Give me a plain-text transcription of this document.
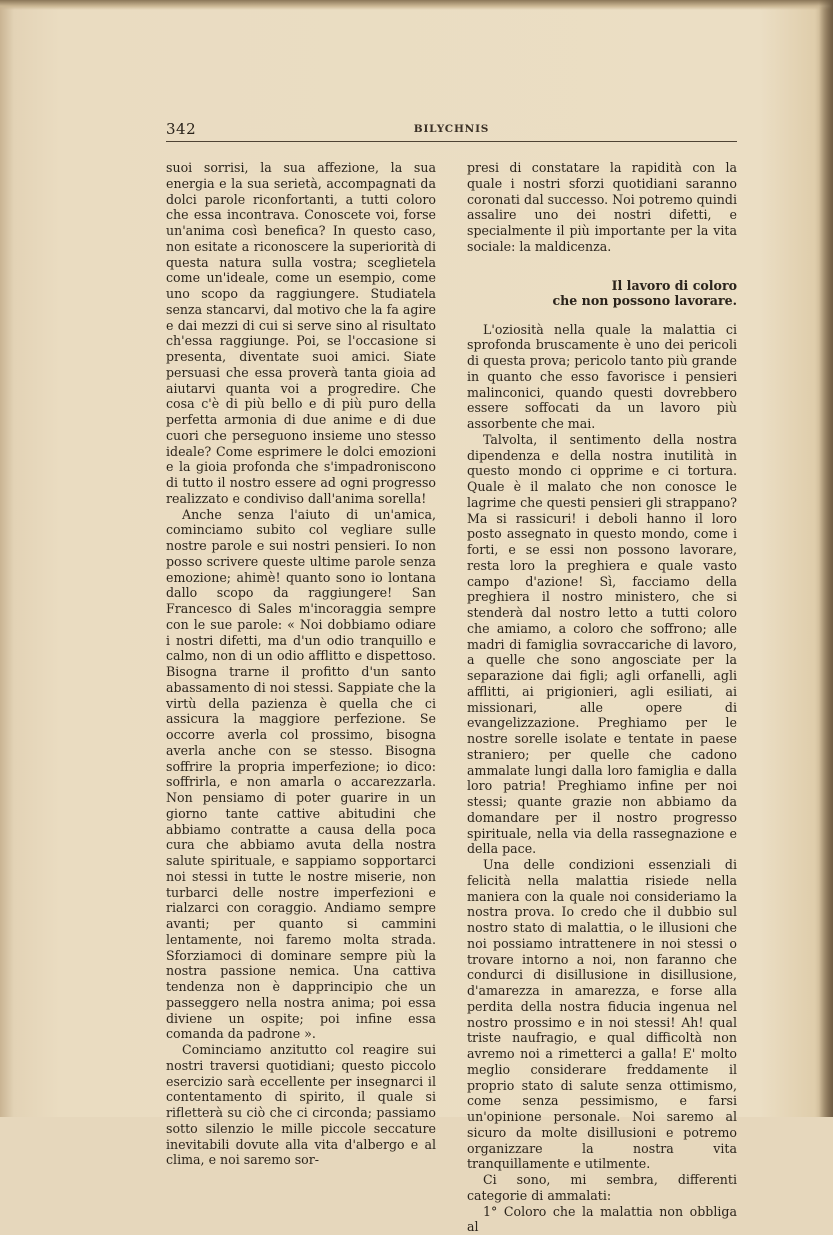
342	BILYCHNIS

suoi sorrisi, la sua affezione, la sua energia e la sua serietà, accompagnati da dolci parole riconfortanti, a tutti coloro che essa incontrava. Conoscete voi, forse un'anima così benefica? In questo caso, non esitate a riconoscere la superiorità di questa natura sulla vostra; sceglietela come un'ideale, come un esempio, come uno scopo da raggiungere. Studiatela senza stancarvi, dal motivo che la fa agire e dai mezzi di cui si serve sino al risultato ch'essa raggiunge. Poi, se l'occasione si presenta, diventate suoi amici. Siate persuasi che essa proverà tanta gioia ad aiutarvi quanta voi a progredire. Che cosa c'è di più bello e di più puro della perfetta armonia di due anime e di due cuori che perseguono insieme uno stesso ideale? Come esprimere le dolci emozioni e la gioia profonda che s'impadroniscono di tutto il nostro essere ad ogni progresso realizzato e condiviso dall'anima sorella!

Anche senza l'aiuto di un'amica, cominciamo subito col vegliare sulle nostre parole e sui nostri pensieri. Io non posso scrivere queste ultime parole senza emozione; ahimè! quanto sono io lontana dallo scopo da raggiungere! San Francesco di Sales m'incoraggia sempre con le sue parole: « Noi dobbiamo odiare i nostri difetti, ma d'un odio tranquillo e calmo, non di un odio afflitto e dispettoso. Bisogna trarne il profitto d'un santo abassamento di noi stessi. Sappiate che la virtù della pazienza è quella che ci assicura la maggiore perfezione. Se occorre averla col prossimo, bisogna averla anche con se stesso. Bisogna soffrire la propria imperfezione; io dico: soffrirla, e non amarla o accarezzarla. Non pensiamo di poter guarire in un giorno tante cattive abitudini che abbiamo contratte a causa della poca cura che abbiamo avuta della nostra salute spirituale, e sappiamo sopportarci noi stessi in tutte le nostre miserie, non turbarci delle nostre imperfezioni e rialzarci con coraggio. Andiamo sempre avanti; per quanto si cammini lentamente, noi faremo molta strada. Sforziamoci di dominare sempre più la nostra passione nemica. Una cattiva tendenza non è dapprincipio che un passeggero nella nostra anima; poi essa diviene un ospite; poi infine essa comanda da padrone ».

Cominciamo anzitutto col reagire sui nostri traversi quotidiani; questo piccolo esercizio sarà eccellente per insegnarci il contentamento di spirito, il quale si rifletterà su ciò che ci circonda; passiamo sotto silenzio le mille piccole seccature inevitabili dovute alla vita d'albergo e al clima, e noi saremo sor-

presi di constatare la rapidità con la quale i nostri sforzi quotidiani saranno coronati dal successo. Noi potremo quindi assalire uno dei nostri difetti, e specialmente il più importante per la vita sociale: la maldicenza.

Il lavoro di coloro
che non possono lavorare.

L'oziosità nella quale la malattia ci sprofonda bruscamente è uno dei pericoli di questa prova; pericolo tanto più grande in quanto che esso favorisce i pensieri malinconici, quando questi dovrebbero essere soffocati da un lavoro più assorbente che mai.

Talvolta, il sentimento della nostra dipendenza e della nostra inutilità in questo mondo ci opprime e ci tortura. Quale è il malato che non conosce le lagrime che questi pensieri gli strappano? Ma si rassicuri! i deboli hanno il loro posto assegnato in questo mondo, come i forti, e se essi non possono lavorare, resta loro la preghiera e quale vasto campo d'azione! Sì, facciamo della preghiera il nostro ministero, che si stenderà dal nostro letto a tutti coloro che amiamo, a coloro che soffrono; alle madri di famiglia sovraccariche di lavoro, a quelle che sono angosciate per la separazione dai figli; agli orfanelli, agli afflitti, ai prigionieri, agli esiliati, ai missionari, alle opere di evangelizzazione. Preghiamo per le nostre sorelle isolate e tentate in paese straniero; per quelle che cadono ammalate lungi dalla loro famiglia e dalla loro patria! Preghiamo infine per noi stessi; quante grazie non abbiamo da domandare per il nostro progresso spirituale, nella via della rassegnazione e della pace.

Una delle condizioni essenziali di felicità nella malattia risiede nella maniera con la quale noi consideriamo la nostra prova. Io credo che il dubbio sul nostro stato di malattia, o le illusioni che noi possiamo intrattenere in noi stessi o trovare intorno a noi, non faranno che condurci di disillusione in disillusione, d'amarezza in amarezza, e forse alla perdita della nostra fiducia ingenua nel nostro prossimo e in noi stessi! Ah! qual triste naufragio, e qual difficoltà non avremo noi a rimetterci a galla! E' molto meglio considerare freddamente il proprio stato di salute senza ottimismo, come senza pessimismo, e farsi un'opinione personale. Noi saremo al sicuro da molte disillusioni e potremo organizzare la nostra vita tranquillamente e utilmente.

Ci sono, mi sembra, differenti categorie di ammalati:

1° Coloro che la malattia non obbliga al
